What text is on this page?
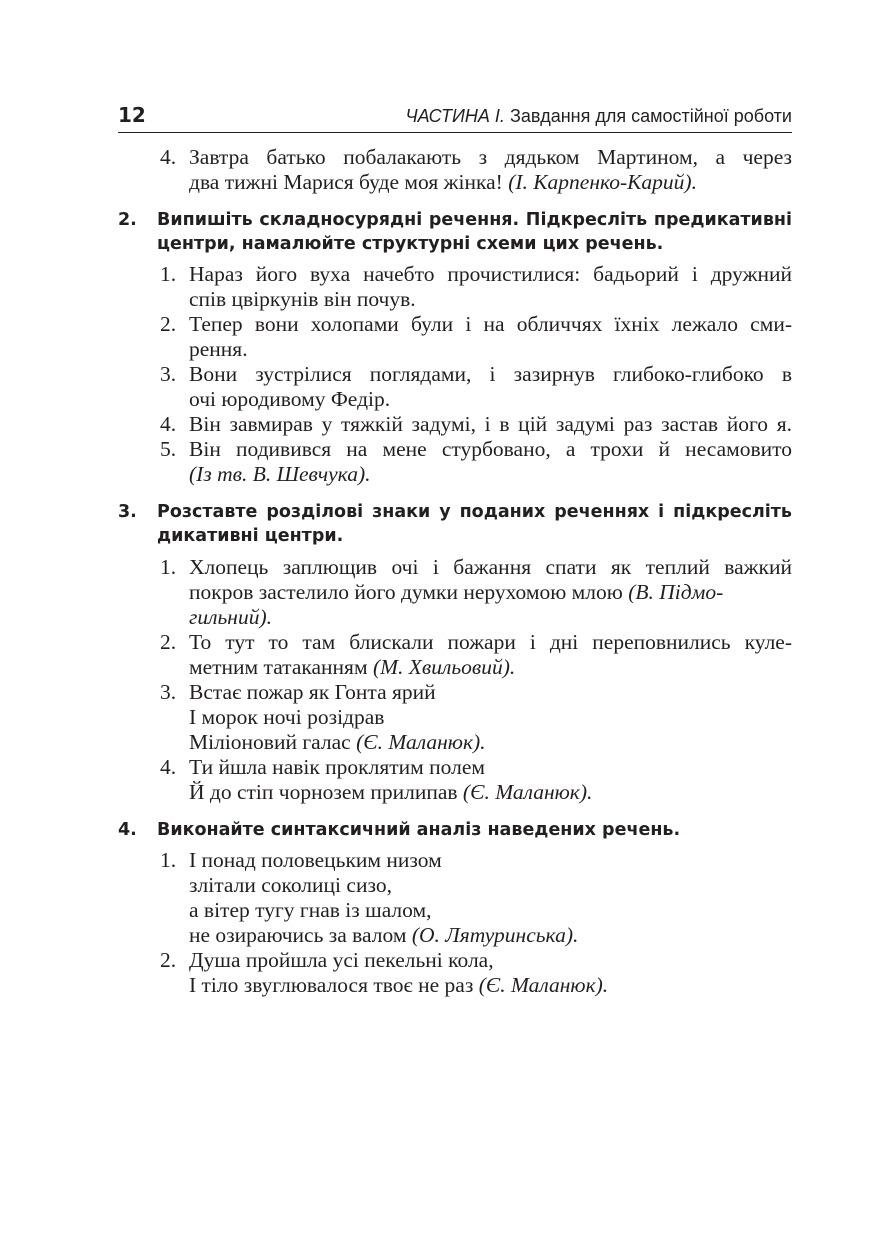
12	ЧАСТИНА І. Завдання для самостійної роботи
4. Завтра батько побалакають з дядьком Мартином, а через
два тижні Марися буде моя жінка! (І. Карпенко-Карий).
2. Випишіть складносурядні речення. Підкресліть предикативні
центри, намалюйте структурні схеми цих речень.
1. Нараз його вуха начебто прочистилися: бадьорий і дружний
спів цвіркунів він почув.
2. Тепер вони холопами були і на обличчях їхніх лежало сми-
рення.
3. Вони зустрілися поглядами, і зазирнув глибоко-глибоко в
очі юродивому Федір.
4. Він завмирав у тяжкій задумі, і в цій задумі раз застав його я.
5. Він подивився на мене стурбовано, а трохи й несамовито
(Із тв. В. Шевчука).
3. Розставте розділові знаки у поданих реченнях і підкресліть
дикативні центри.
1. Хлопець заплющив очі і бажання спати як теплий важкий
покров застелило його думки нерухомою млою (В. Підмо-
гильний).
2. То тут то там блискали пожари і дні переповнились куле-
метним татаканням (М. Хвильовий).
3. Встає пожар як Гонта ярий
І морок ночі розідрав
Міліоновий галас (Є. Маланюк).
4. Ти йшла навік проклятим полем
Й до стіп чорнозем прилипав (Є. Маланюк).
4. Виконайте синтаксичний аналіз наведених речень.
1. І понад половецьким низом
злітали соколиці сизо,
а вітер тугу гнав із шалом,
не озираючись за валом (О. Лятуринська).
2. Душа пройшла усі пекельні кола,
І тіло звуглювалося твоє не раз (Є. Маланюк).
